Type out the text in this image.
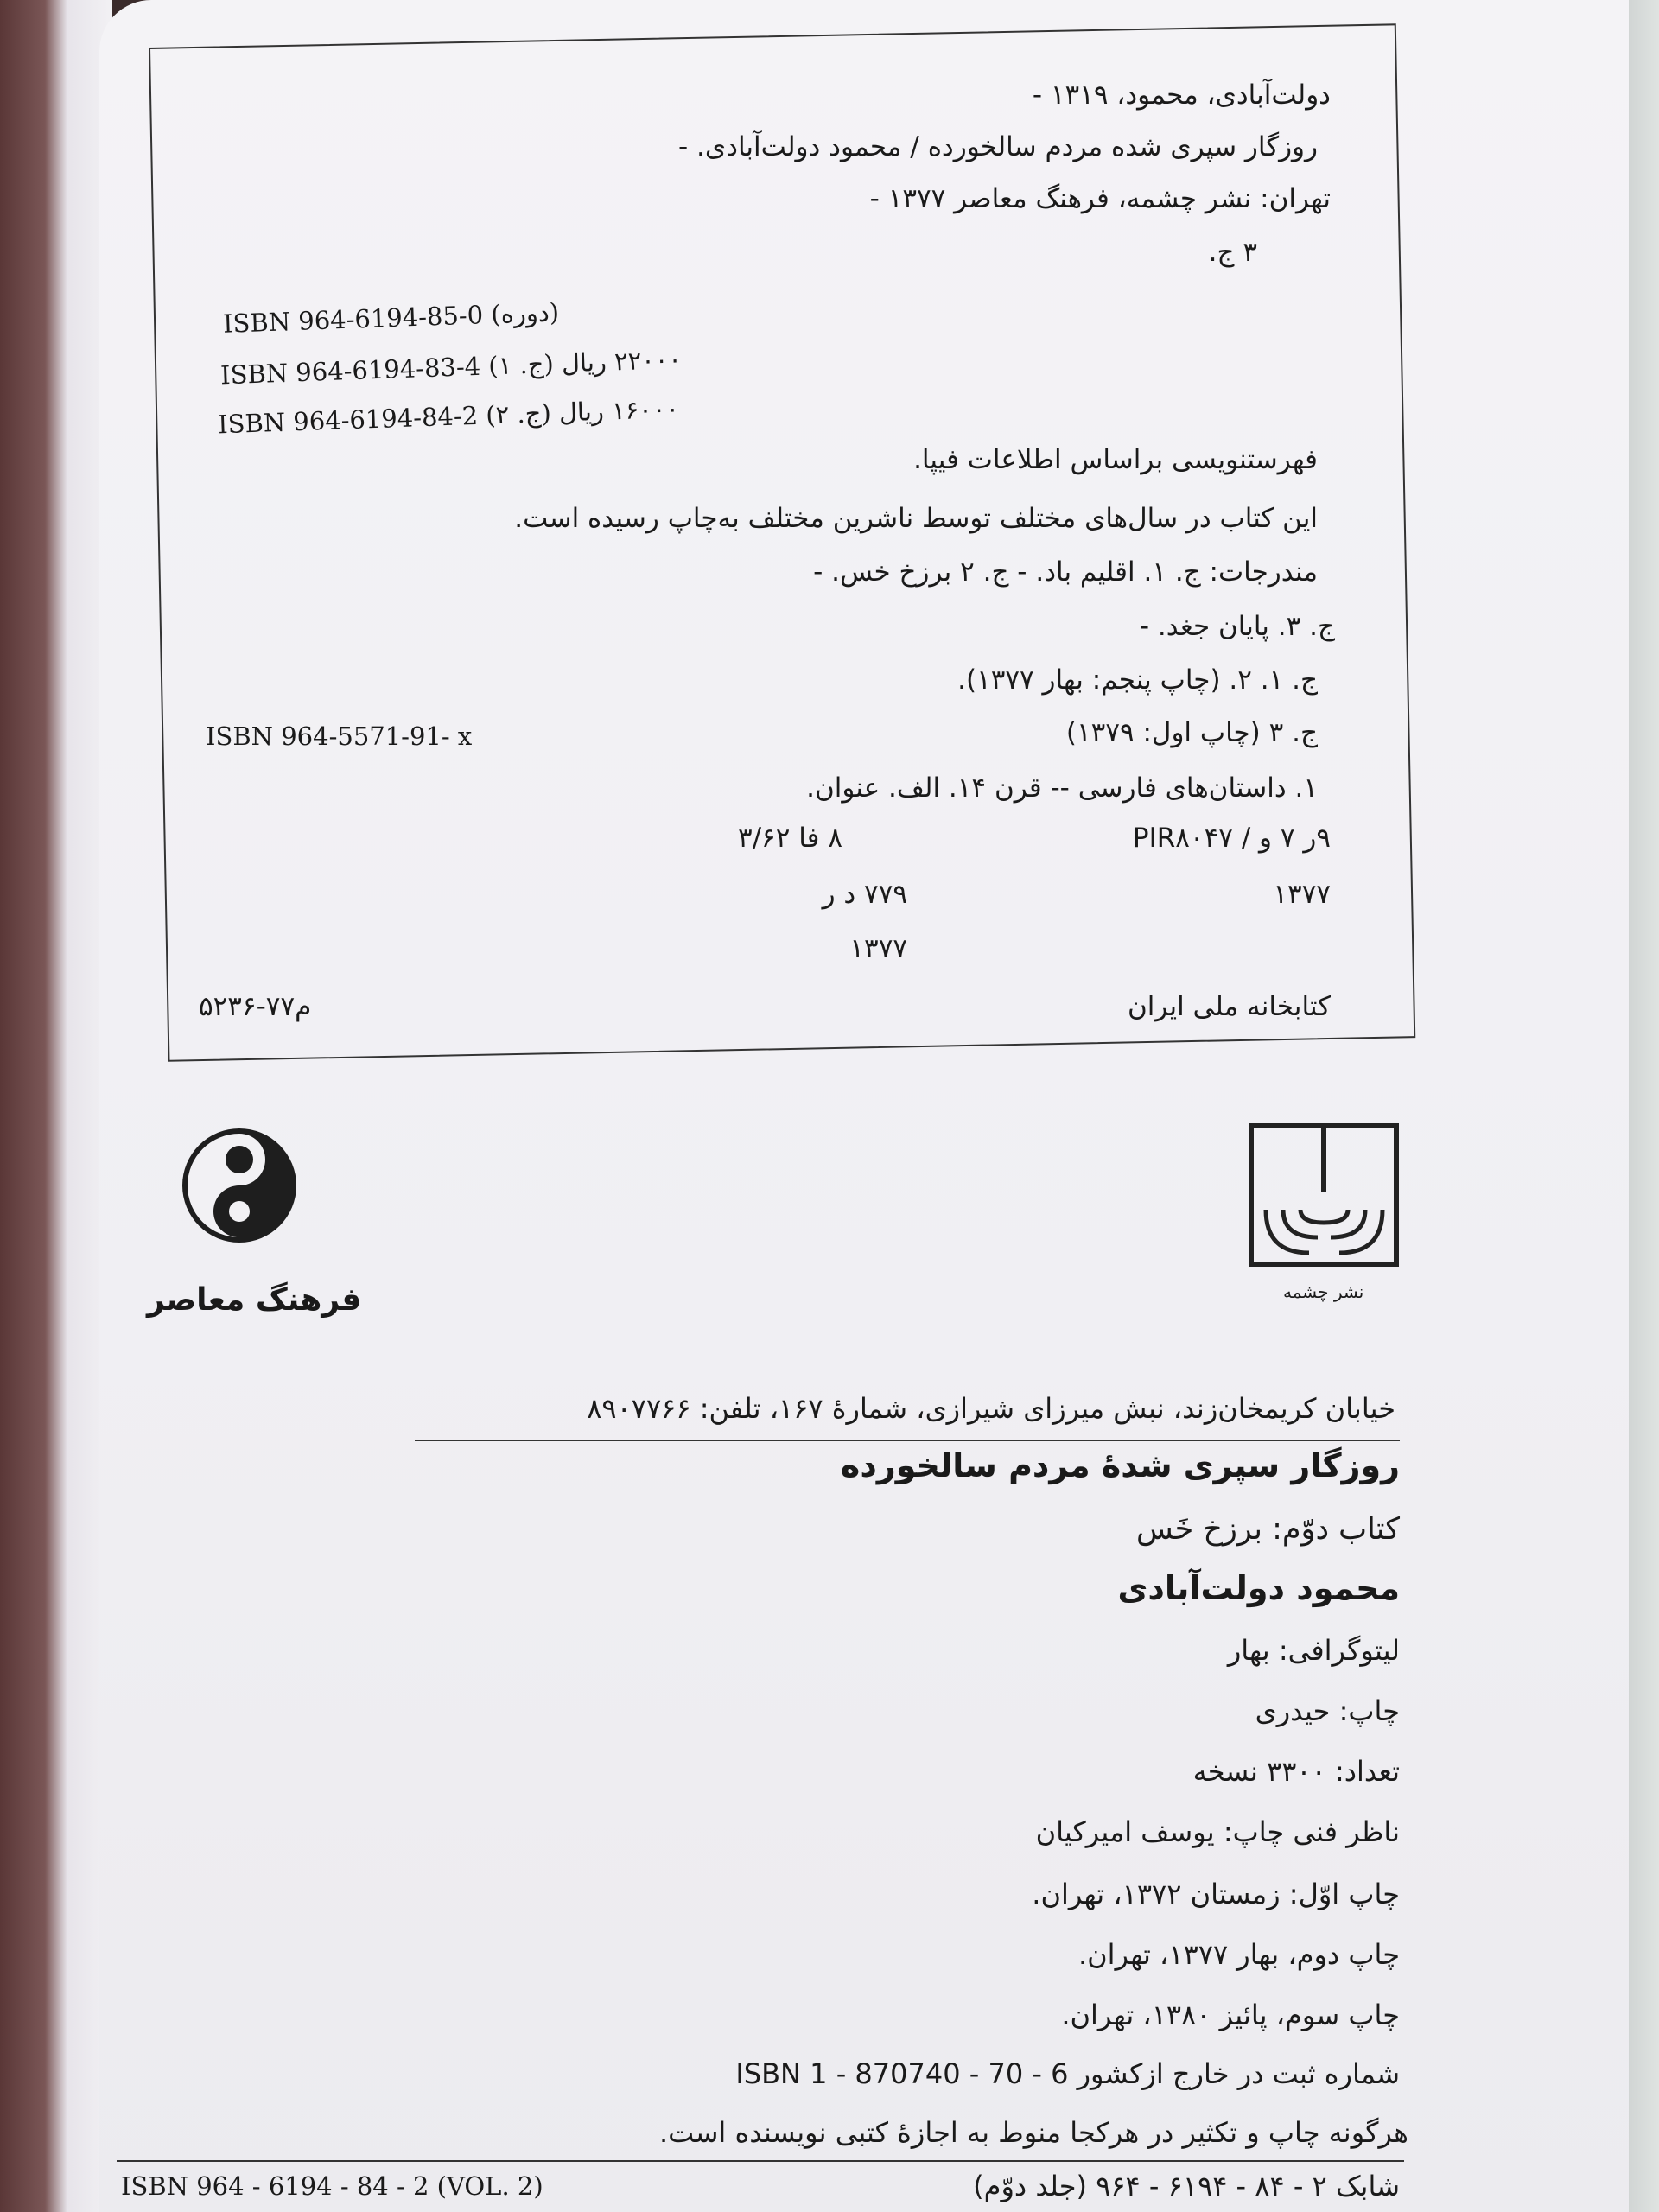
دولت‌آبادی، محمود، ۱۳۱۹ -
روزگار سپری شده مردم سالخورده / محمود دولت‌آبادی. -
تهران: نشر چشمه، فرهنگ معاصر ۱۳۷۷ -
۳ ج.
ISBN 964-6194-85-0 (دوره)
ISBN 964-6194-83-4 (ج. ۱) ۲۲۰۰۰ ریال
ISBN 964-6194-84-2 (ج. ۲) ۱۶۰۰۰ ریال
فهرستنویسی براساس اطلاعات فیپا.
این کتاب در سال‌های مختلف توسط ناشرین مختلف به‌چاپ رسیده است.
مندرجات: ج. ۱. اقلیم باد. - ج. ۲ برزخ خس. -
ج. ۳. پایان جغد. -
ج. ۱. ۲. (چاپ پنجم: بهار ۱۳۷۷).
ج. ۳ (چاپ اول: ۱۳۷۹)
ISBN 964-5571-91- x
۱. داستان‌های فارسی -- قرن ۱۴. الف. عنوان.
۹ر ۷ و / PIR۸۰۴۷
۸ فا ۳/۶۲
۱۳۷۷
۷۷۹ د ر
۱۳۷۷
کتابخانه ملی ایران
م۷۷-۵۲۳۶
فرهنگ معاصر	نشر چشمه
خیابان کریمخان‌زند، نبش میرزای شیرازی، شمارهٔ ۱۶۷، تلفن: ۸۹۰۷۷۶۶
روزگار سپری شدهٔ مردم سالخورده
کتاب دوّم: برزخ خَس
محمود دولت‌آبادی
لیتوگرافی: بهار
چاپ: حیدری
تعداد: ۳۳۰۰ نسخه
ناظر فنی چاپ: یوسف امیرکیان
چاپ اوّل: زمستان ۱۳۷۲، تهران.
چاپ دوم، بهار ۱۳۷۷، تهران.
چاپ سوم، پائیز ۱۳۸۰، تهران.
شماره ثبت در خارج ازکشور ISBN 1 - 870740 - 70 - 6
هرگونه چاپ و تکثیر در هرکجا منوط به اجازهٔ کتبی نویسنده است.
شابک ۲ - ۸۴ - ۶۱۹۴ - ۹۶۴ (جلد دوّم)
ISBN 964 - 6194 - 84 - 2 (VOL. 2)
